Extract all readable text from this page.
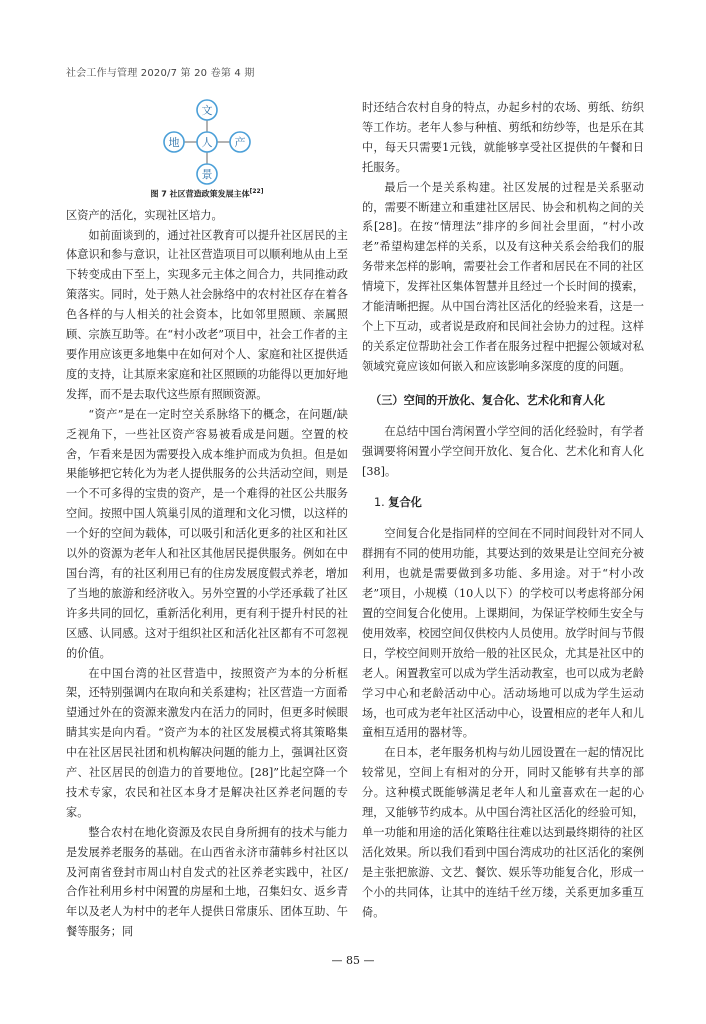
社会工作与管理 2020/7 第 20 卷第 4 期
文
地 人 产
景
图 7 社区营造政策发展主体[22]

区资产的活化，实现社区培力。

如前面谈到的，通过社区教育可以提升社区居民的主体意识和参与意识，让社区营造项目可以顺利地从由上至下转变成由下至上，实现多元主体之间合力，共同推动政策落实。同时，处于熟人社会脉络中的农村社区存在着各色各样的与人相关的社会资本，比如邻里照顾、亲属照顾、宗族互助等。在“村小改老”项目中，社会工作者的主要作用应该更多地集中在如何对个人、家庭和社区提供适度的支持，让其原来家庭和社区照顾的功能得以更加好地发挥，而不是去取代这些原有照顾资源。

“资产”是在一定时空关系脉络下的概念，在问题/缺乏视角下，一些社区资产容易被看成是问题。空置的校舍，乍看来是因为需要投入成本维护而成为负担。但是如果能够把它转化为为老人提供服务的公共活动空间，则是一个不可多得的宝贵的资产，是一个难得的社区公共服务空间。按照中国人筑巢引凤的道理和文化习惯，以这样的一个好的空间为载体，可以吸引和活化更多的社区和社区以外的资源为老年人和社区其他居民提供服务。例如在中国台湾，有的社区利用已有的住房发展度假式养老，增加了当地的旅游和经济收入。另外空置的小学还承载了社区许多共同的回忆，重新活化利用，更有利于提升村民的社区感、认同感。这对于组织社区和活化社区都有不可忽视的价值。

在中国台湾的社区营造中，按照资产为本的分析框架，还特别强调内在取向和关系建构；社区营造一方面希望通过外在的资源来激发内在活力的同时，但更多时候眼睛其实是向内看。“资产为本的社区发展模式将其策略集中在社区居民社团和机构解决问题的能力上，强调社区资产、社区居民的创造力的首要地位。[28]”比起空降一个技术专家，农民和社区本身才是解决社区养老问题的专家。

整合农村在地化资源及农民自身所拥有的技术与能力是发展养老服务的基础。在山西省永济市蒲韩乡村社区以及河南省登封市周山村自发式的社区养老实践中，社区/合作社利用乡村中闲置的房屋和土地，召集妇女、返乡青年以及老人为村中的老年人提供日常康乐、团体互助、午餐等服务；同

时还结合农村自身的特点，办起乡村的农场、剪纸、纺织等工作坊。老年人参与种植、剪纸和纺纱等，也是乐在其中，每天只需要1元钱，就能够享受社区提供的午餐和日托服务。

最后一个是关系构建。社区发展的过程是关系驱动的，需要不断建立和重建社区居民、协会和机构之间的关系[28]。在按“情理法”排序的乡间社会里面，“村小改老”希望构建怎样的关系，以及有这种关系会给我们的服务带来怎样的影响，需要社会工作者和居民在不同的社区情境下，发挥社区集体智慧并且经过一个长时间的摸索，才能清晰把握。从中国台湾社区活化的经验来看，这是一个上下互动，或者说是政府和民间社会协力的过程。这样的关系定位帮助社会工作者在服务过程中把握公领域对私领域究竟应该如何嵌入和应该影响多深度的度的问题。

（三）空间的开放化、复合化、艺术化和育人化

在总结中国台湾闲置小学空间的活化经验时，有学者强调要将闲置小学空间开放化、复合化、艺术化和育人化[38]。

1. 复合化

空间复合化是指同样的空间在不同时间段针对不同人群拥有不同的使用功能，其要达到的效果是让空间充分被利用，也就是需要做到多功能、多用途。对于“村小改老”项目，小规模（10人以下）的学校可以考虑将部分闲置的空间复合化使用。上课期间，为保证学校师生安全与使用效率，校园空间仅供校内人员使用。放学时间与节假日，学校空间则开放给一般的社区民众，尤其是社区中的老人。闲置教室可以成为学生活动教室，也可以成为老龄学习中心和老龄活动中心。活动场地可以成为学生运动场，也可成为老年社区活动中心，设置相应的老年人和儿童相互适用的器材等。

在日本，老年服务机构与幼儿园设置在一起的情况比较常见，空间上有相对的分开，同时又能够有共享的部分。这种模式既能够满足老年人和儿童喜欢在一起的心理，又能够节约成本。从中国台湾社区活化的经验可知，单一功能和用途的活化策略往往难以达到最终期待的社区活化效果。所以我们看到中国台湾成功的社区活化的案例是主张把旅游、文艺、餐饮、娱乐等功能复合化，形成一个小的共同体，让其中的连结千丝万缕，关系更加多重互倚。

— 85 —
